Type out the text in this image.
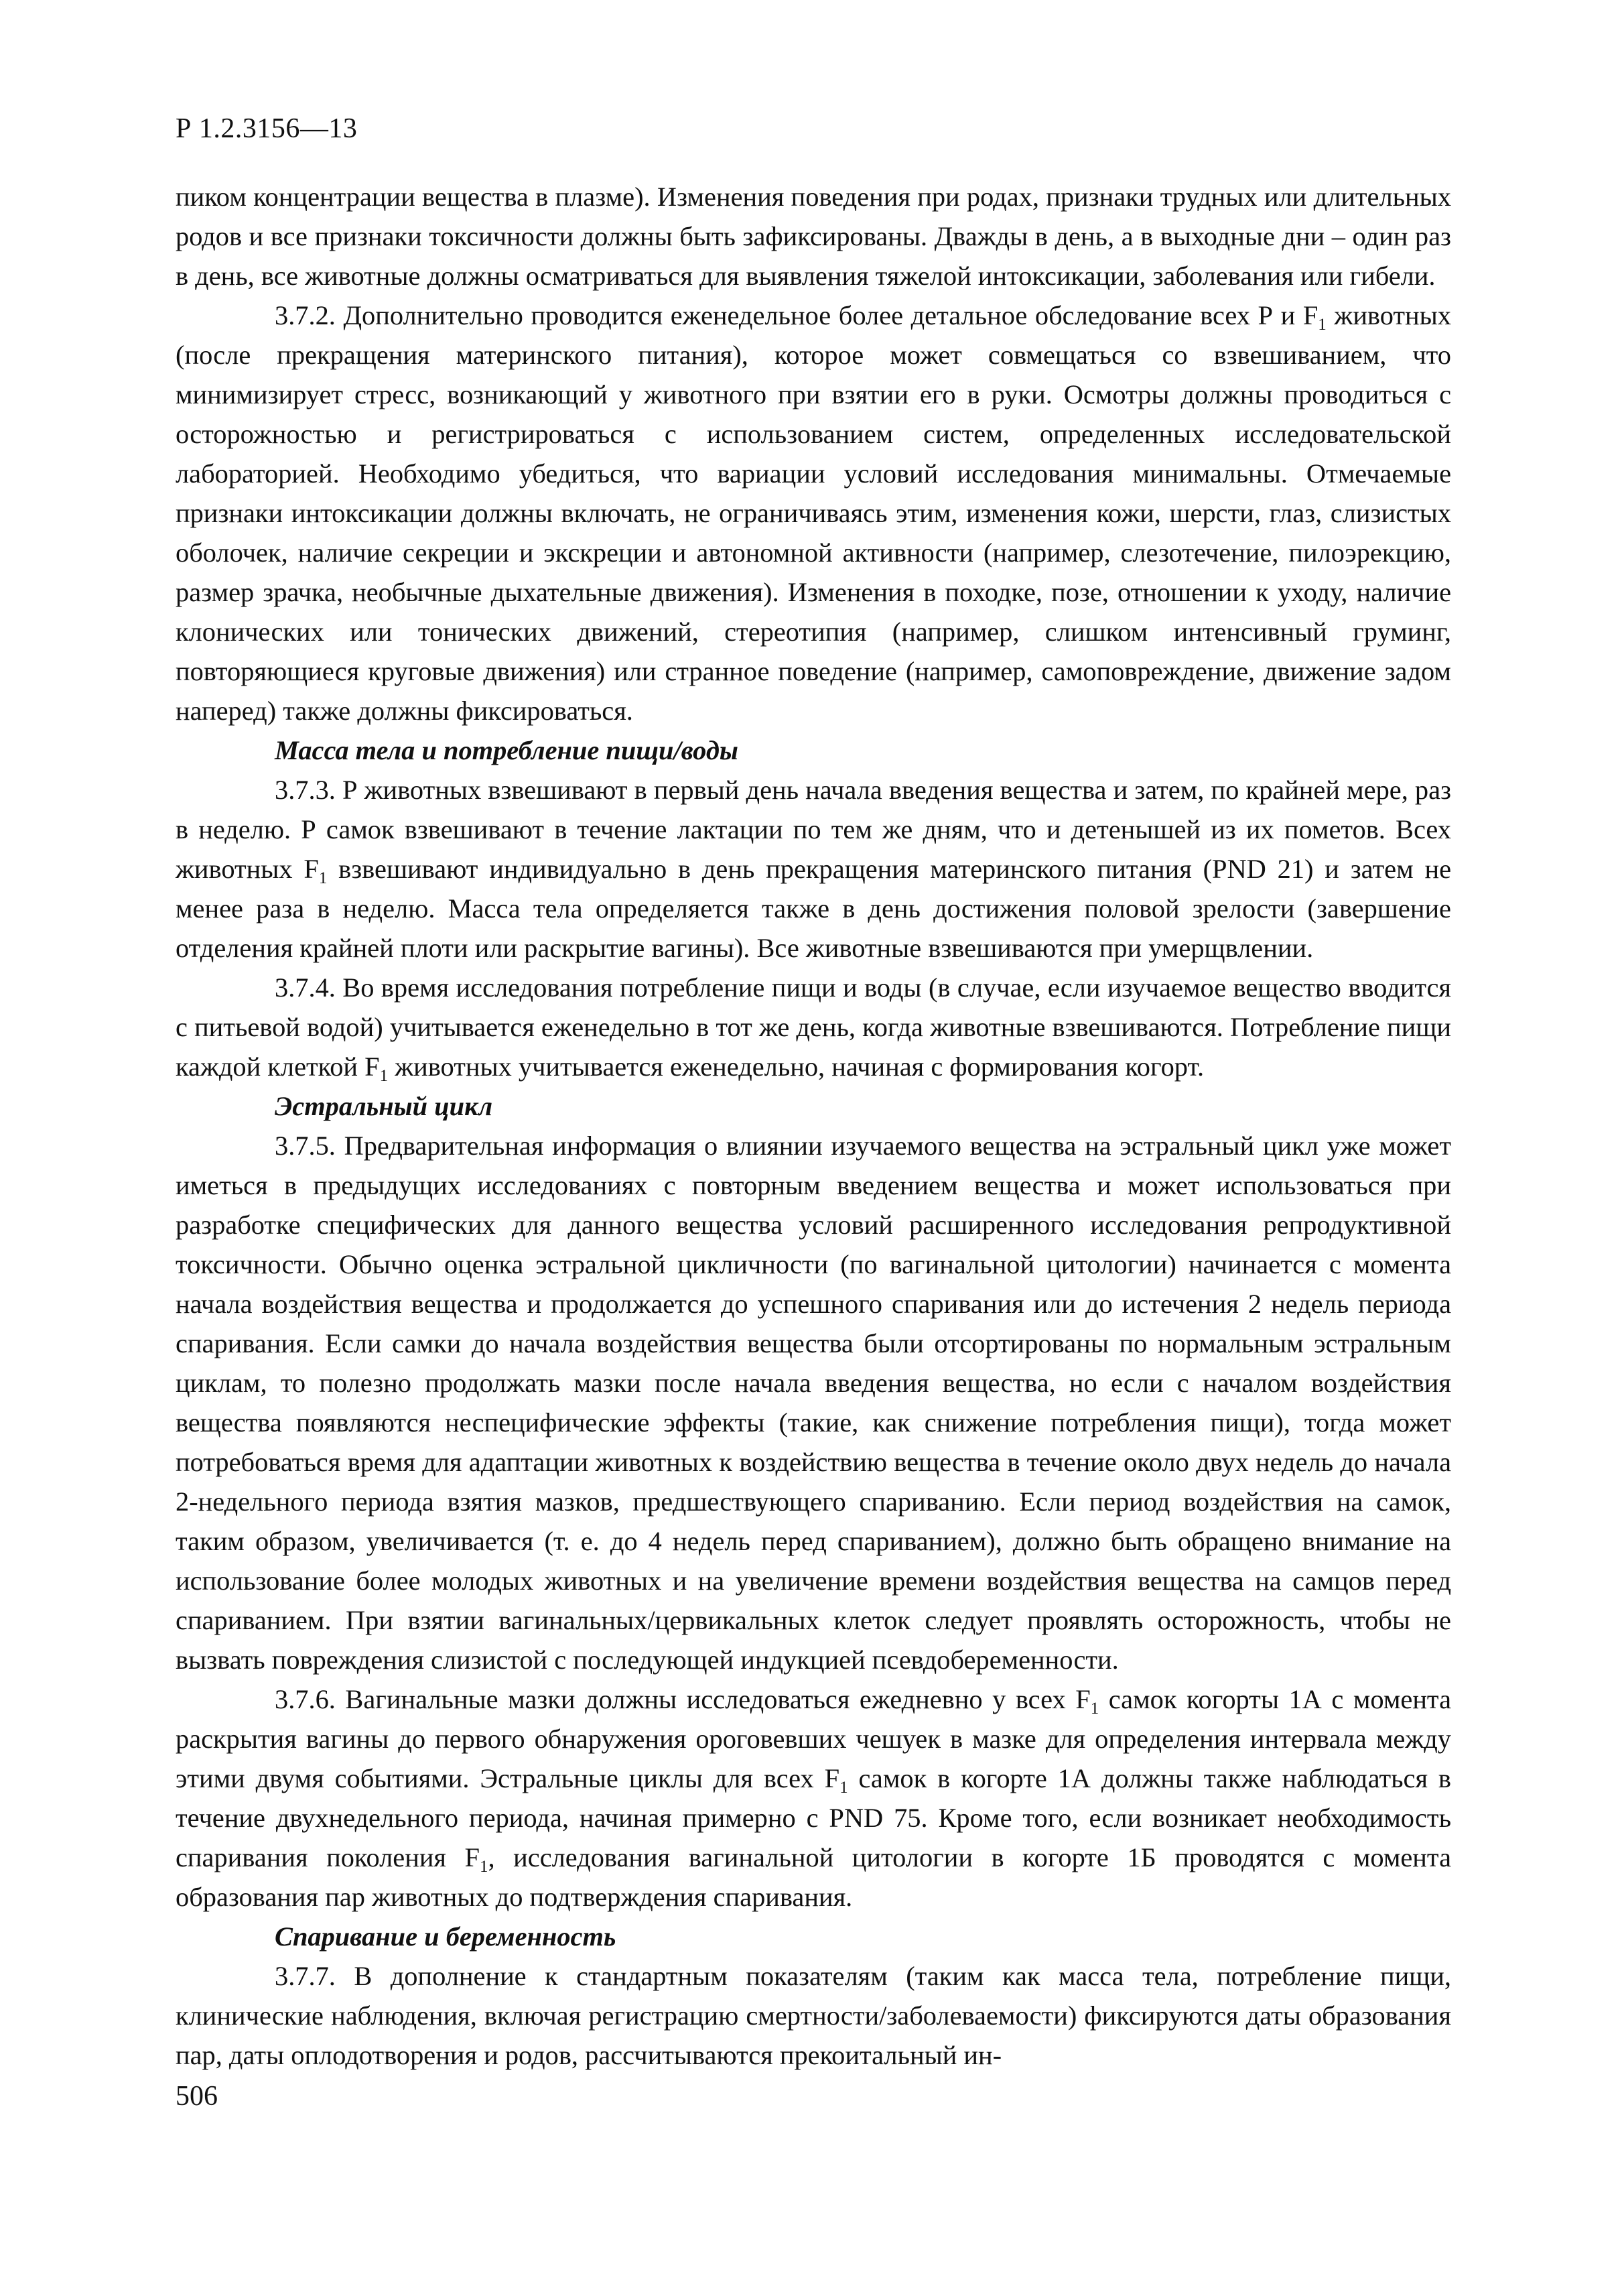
Р 1.2.3156—13

пиком концентрации вещества в плазме). Изменения поведения при родах, признаки трудных или длительных родов и все признаки токсичности должны быть зафиксированы. Дважды в день, а в выходные дни – один раз в день, все животные должны осматриваться для выявления тяжелой интоксикации, заболевания или гибели.

3.7.2. Дополнительно проводится еженедельное более детальное обследование всех Р и $F_1$ животных (после прекращения материнского питания), которое может совмещаться со взвешиванием, что минимизирует стресс, возникающий у животного при взятии его в руки. Осмотры должны проводиться с осторожностью и регистрироваться с использованием систем, определенных исследовательской лабораторией. Необходимо убедиться, что вариации условий исследования минимальны. Отмечаемые признаки интоксикации должны включать, не ограничиваясь этим, изменения кожи, шерсти, глаз, слизистых оболочек, наличие секреции и экскреции и автономной активности (например, слезотечение, пилоэрекцию, размер зрачка, необычные дыхательные движения). Изменения в походке, позе, отношении к уходу, наличие клонических или тонических движений, стереотипия (например, слишком интенсивный груминг, повторяющиеся круговые движения) или странное поведение (например, самоповреждение, движение задом наперед) также должны фиксироваться.

Масса тела и потребление пищи/воды

3.7.3. Р животных взвешивают в первый день начала введения вещества и затем, по крайней мере, раз в неделю. Р самок взвешивают в течение лактации по тем же дням, что и детенышей из их пометов. Всех животных $F_1$ взвешивают индивидуально в день прекращения материнского питания (PND 21) и затем не менее раза в неделю. Масса тела определяется также в день достижения половой зрелости (завершение отделения крайней плоти или раскрытие вагины). Все животные взвешиваются при умерщвлении.

3.7.4. Во время исследования потребление пищи и воды (в случае, если изучаемое вещество вводится с питьевой водой) учитывается еженедельно в тот же день, когда животные взвешиваются. Потребление пищи каждой клеткой $F_1$ животных учитывается еженедельно, начиная с формирования когорт.

Эстральный цикл

3.7.5. Предварительная информация о влиянии изучаемого вещества на эстральный цикл уже может иметься в предыдущих исследованиях с повторным введением вещества и может использоваться при разработке специфических для данного вещества условий расширенного исследования репродуктивной токсичности. Обычно оценка эстральной цикличности (по вагинальной цитологии) начинается с момента начала воздействия вещества и продолжается до успешного спаривания или до истечения 2 недель периода спаривания. Если самки до начала воздействия вещества были отсортированы по нормальным эстральным циклам, то полезно продолжать мазки после начала введения вещества, но если с началом воздействия вещества появляются неспецифические эффекты (такие, как снижение потребления пищи), тогда может потребоваться время для адаптации животных к воздействию вещества в течение около двух недель до начала 2-недельного периода взятия мазков, предшествующего спариванию. Если период воздействия на самок, таким образом, увеличивается (т. е. до 4 недель перед спариванием), должно быть обращено внимание на использование более молодых животных и на увеличение времени воздействия вещества на самцов перед спариванием. При взятии вагинальных/цервикальных клеток следует проявлять осторожность, чтобы не вызвать повреждения слизистой с последующей индукцией псевдобеременности.

3.7.6. Вагинальные мазки должны исследоваться ежедневно у всех $F_1$ самок когорты 1А с момента раскрытия вагины до первого обнаружения ороговевших чешуек в мазке для определения интервала между этими двумя событиями. Эстральные циклы для всех $F_1$ самок в когорте 1А должны также наблюдаться в течение двухнедельного периода, начиная примерно с PND 75. Кроме того, если возникает необходимость спаривания поколения $F_1$, исследования вагинальной цитологии в когорте 1Б проводятся с момента образования пар животных до подтверждения спаривания.

Спаривание и беременность

3.7.7. В дополнение к стандартным показателям (таким как масса тела, потребление пищи, клинические наблюдения, включая регистрацию смертности/заболеваемости) фиксируются даты образования пар, даты оплодотворения и родов, рассчитываются прекоитальный ин-

506
